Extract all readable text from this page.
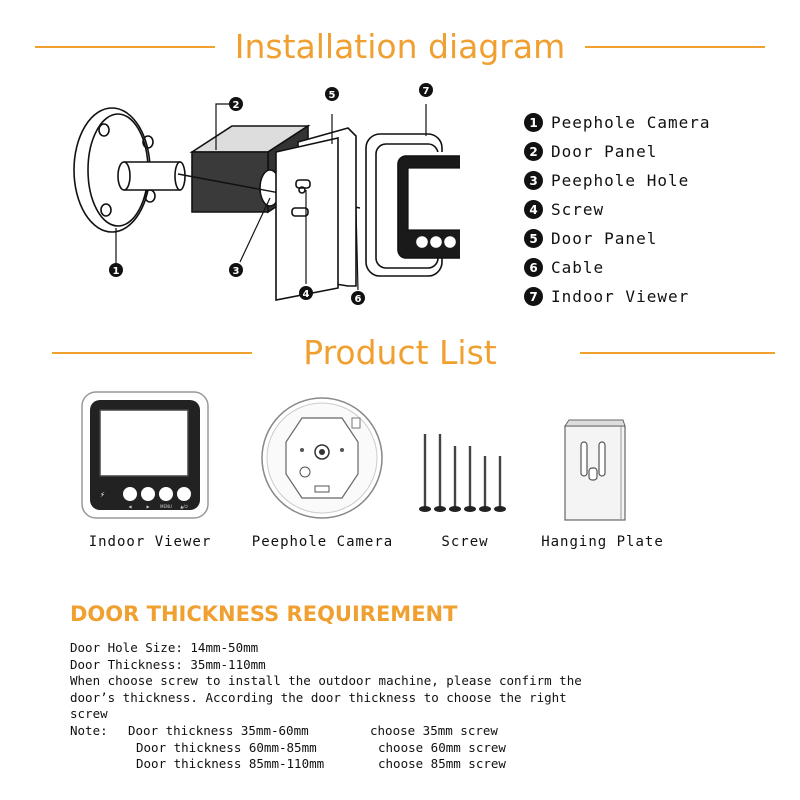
Installation diagram
1
2
3
4
5
6
7
1 Peephole Camera
2 Door Panel
3 Peephole Hole
4 Screw
5 Door Panel
6 Cable
7 Indoor Viewer
Product List
⚡
◀	▶	MENU ▲/⏻
Indoor Viewer	Peephole Camera	Screw	Hanging Plate
DOOR THICKNESS REQUIREMENT
Door Hole Size: 14mm-50mm
Door Thickness: 35mm-110mm
When choose screw to install the outdoor machine, please confirm the
door’s thickness. According the door thickness to choose the right
screw
Note: Door thickness 35mm-60mm	choose 35mm screw
Door thickness 60mm-85mm	choose 60mm screw
Door thickness 85mm-110mm	choose 85mm screw
